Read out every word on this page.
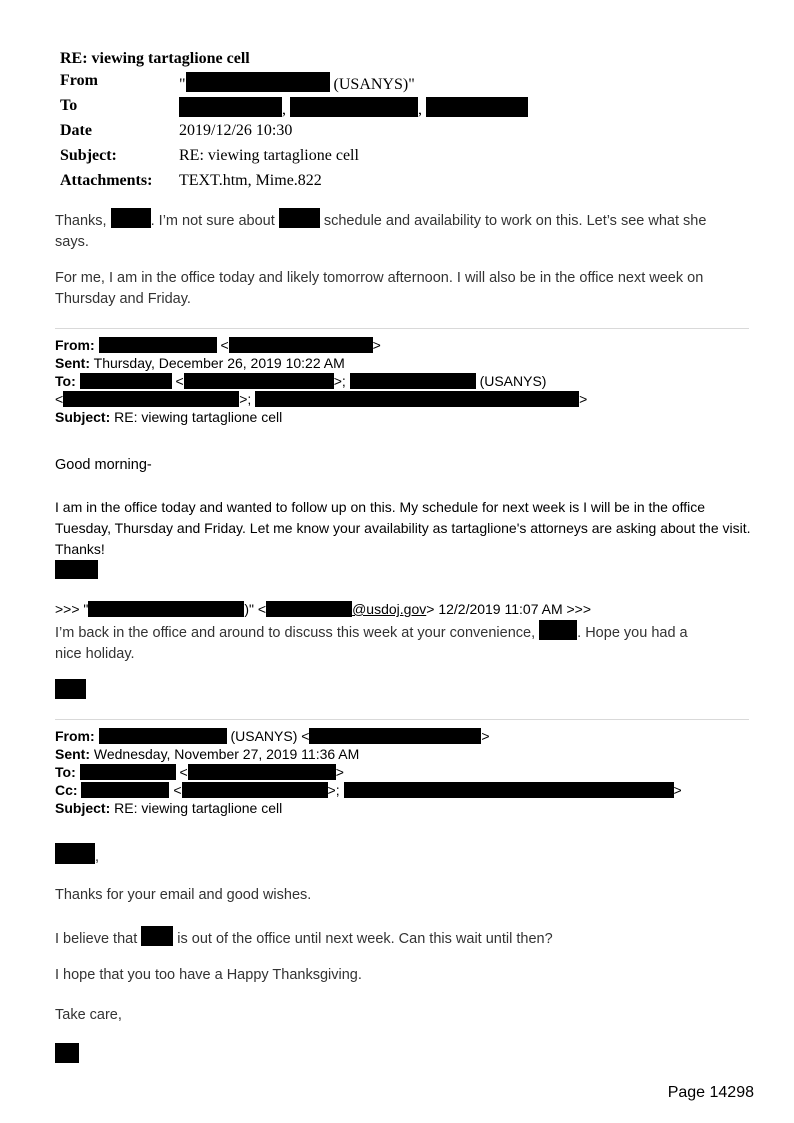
RE: viewing tartaglione cell
From	"	(USANYS)"
To	,	,
Date	2019/12/26 10:30
Subject:	RE: viewing tartaglione cell
Attachments: TEXT.htm, Mime.822
Thanks,	. I’m not sure about	schedule and availability to work on this. Let’s see what she
says.
For me, I am in the office today and likely tomorrow afternoon. I will also be in the office next week on Thursday and Friday.
From:	<	>
Sent: Thursday, December 26, 2019 10:22 AM
To:	<	>;	(USANYS)
<	>;	>
Subject: RE: viewing tartaglione cell
Good morning-
I am in the office today and wanted to follow up on this. My schedule for next week is I will be in the office Tuesday, Thursday and Friday. Let me know your availability as tartaglione's attorneys are asking about the visit. Thanks!
>>> "	)" <	@usdoj.gov> 12/2/2019 11:07 AM >>>
I’m back in the office and around to discuss this week at your convenience,	. Hope you had a
nice holiday.
From:	(USANYS) <	>
Sent: Wednesday, November 27, 2019 11:36 AM
To:	<	>
Cc:	<	>;	>
Subject: RE: viewing tartaglione cell
,
Thanks for your email and good wishes.
I believe that	is out of the office until next week. Can this wait until then?
I hope that you too have a Happy Thanksgiving.
Take care,
Page 14298
